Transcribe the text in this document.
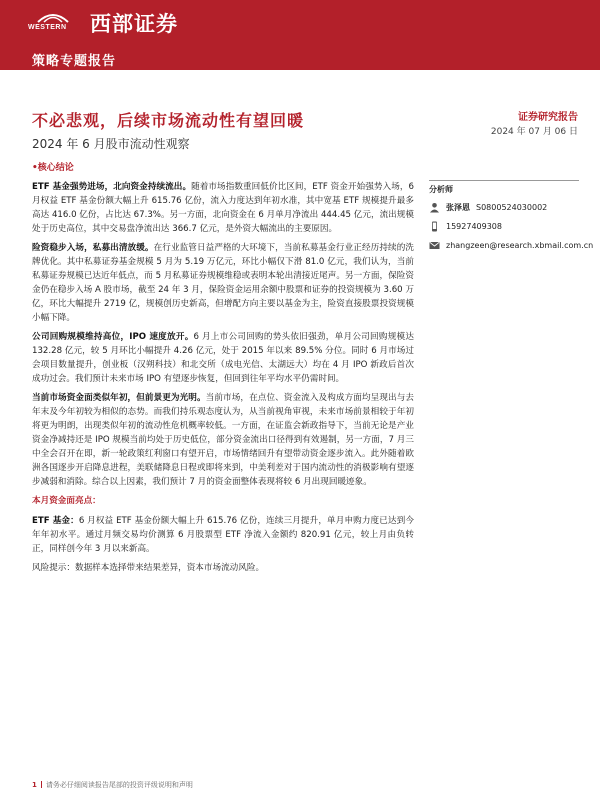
WESTERN	西部证券
策略专题报告
不必悲观，后续市场流动性有望回暖
2024 年 6 月股市流动性观察
证券研究报告
2024 年 07 月 06 日
•核心结论

ETF 基金强势进场，北向资金持续流出。随着市场指数重回低价比区间，ETF 资金开始强势入场，6 月权益 ETF 基金份额大幅上升 615.76 亿份，流入力度达到年初水准，其中宽基 ETF 规模提升最多高达 416.0 亿份，占比达 67.3%。另一方面，北向资金在 6 月单月净流出 444.45 亿元，流出规模处于历史高位，其中交易盘净流出达 366.7 亿元，是外资大幅流出的主要原因。

险资稳步入场，私募出清放缓。在行业监管日益严格的大环境下，当前私募基金行业正经历持续的洗牌优化。其中私募证券基金规模 5 月为 5.19 万亿元，环比小幅仅下滑 81.0 亿元，我们认为，当前私募证券规模已达近年低点，而 5 月私募证券规模维稳或表明本轮出清接近尾声。另一方面，保险资金仍在稳步入场 A 股市场，截至 24 年 3 月，保险资金运用余额中股票和证券的投资规模为 3.60 万亿，环比大幅提升 2719 亿，规模创历史新高，但增配方向主要以基金为主，险资直接股票投资规模小幅下降。

公司回购规模维持高位，IPO 速度放开。6 月上市公司回购的势头依旧强劲，单月公司回购规模达 132.28 亿元，较 5 月环比小幅提升 4.26 亿元，处于 2015 年以来 89.5% 分位。同时 6 月市场过会项目数量提升，创业板（汉朔科技）和北交所（成电光信、太湖远大）均在 4 月 IPO 新政后首次成功过会。我们预计未来市场 IPO 有望逐步恢复，但回到往年平均水平仍需时间。

当前市场资金面类似年初，但前景更为光明。当前市场，在点位、资金流入及构成方面均呈现出与去年末及今年初较为相似的态势。而我们持乐观态度认为，从当前视角审视，未来市场前景相较于年初将更为明朗，出现类似年初的流动性危机概率较低。一方面，在证监会新政指导下，当前无论是产业资金净减持还是 IPO 规模当前均处于历史低位，部分资金流出口径得到有效遏制，另一方面，7 月三中全会召开在即，新一轮政策红利窗口有望开启，市场情绪回升有望带动资金逐步流入。此外随着欧洲各国逐步开启降息进程，美联储降息日程或即将来到，中美利差对于国内流动性的消极影响有望逐步减弱和消除。综合以上因素，我们预计 7 月的资金面整体表现将较 6 月出现回暖迹象。

本月资金面亮点：

ETF 基金：6 月权益 ETF 基金份额大幅上升 615.76 亿份，连续三月提升，单月申购力度已达到今年年初水平。通过月频交易均价测算 6 月股票型 ETF 净流入金额约 820.91 亿元，较上月由负转正，同样创今年 3 月以来新高。

风险提示：数据样本选择带来结果差异，资本市场流动风险。

分析师
张泽恩 S0800524030002
15927409308
zhangzeen@research.xbmail.com.cn
1 请务必仔细阅读报告尾部的投资评级说明和声明
